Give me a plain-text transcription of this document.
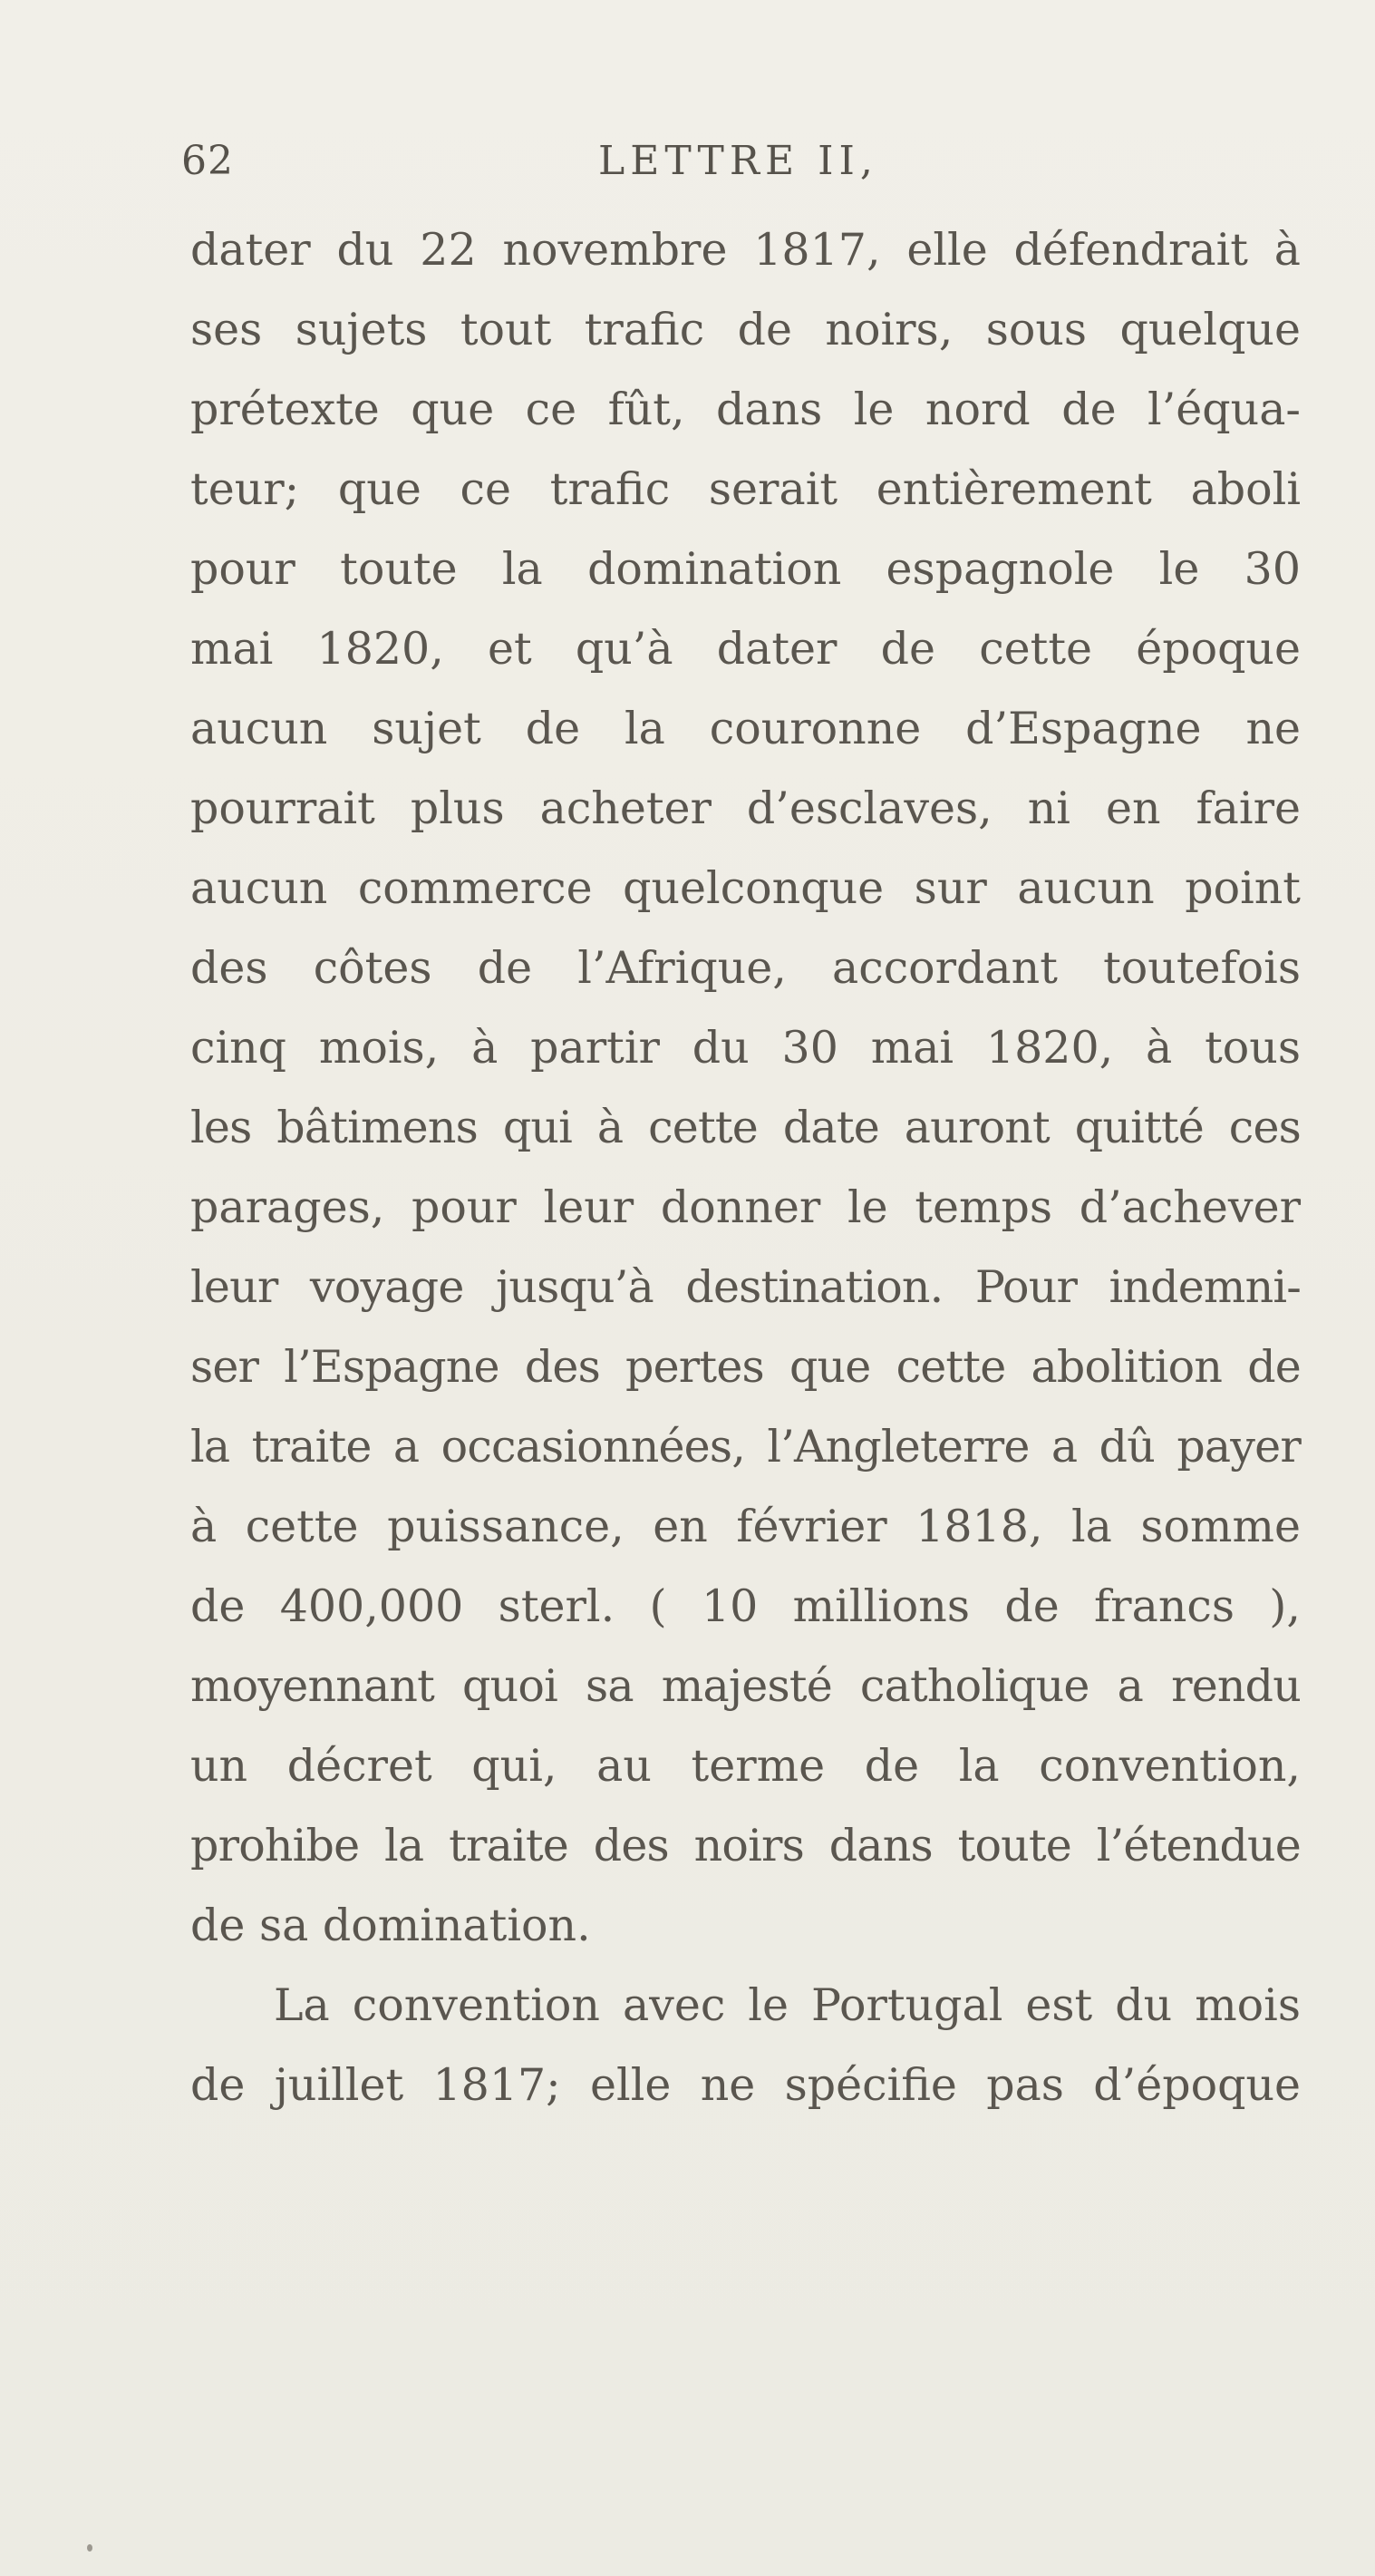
62	LETTRE II,
dater du 22 novembre 1817, elle défendrait à
ses sujets tout trafic de noirs, sous quelque
prétexte que ce fût, dans le nord de l’équa-
teur; que ce trafic serait entièrement aboli
pour toute la domination espagnole le 30
mai 1820, et qu’à dater de cette époque
aucun sujet de la couronne d’Espagne ne
pourrait plus acheter d’esclaves, ni en faire
aucun commerce quelconque sur aucun point
des côtes de l’Afrique, accordant toutefois
cinq mois, à partir du 30 mai 1820, à tous
les bâtimens qui à cette date auront quitté ces
parages, pour leur donner le temps d’achever
leur voyage jusqu’à destination. Pour indemni-
ser l’Espagne des pertes que cette abolition de
la traite a occasionnées, l’Angleterre a dû payer
à cette puissance, en février 1818, la somme
de 400,000 sterl. ( 10 millions de francs ),
moyennant quoi sa majesté catholique a rendu
un décret qui, au terme de la convention,
prohibe la traite des noirs dans toute l’étendue
de sa domination.
La convention avec le Portugal est du mois
de juillet 1817; elle ne spécifie pas d’époque
